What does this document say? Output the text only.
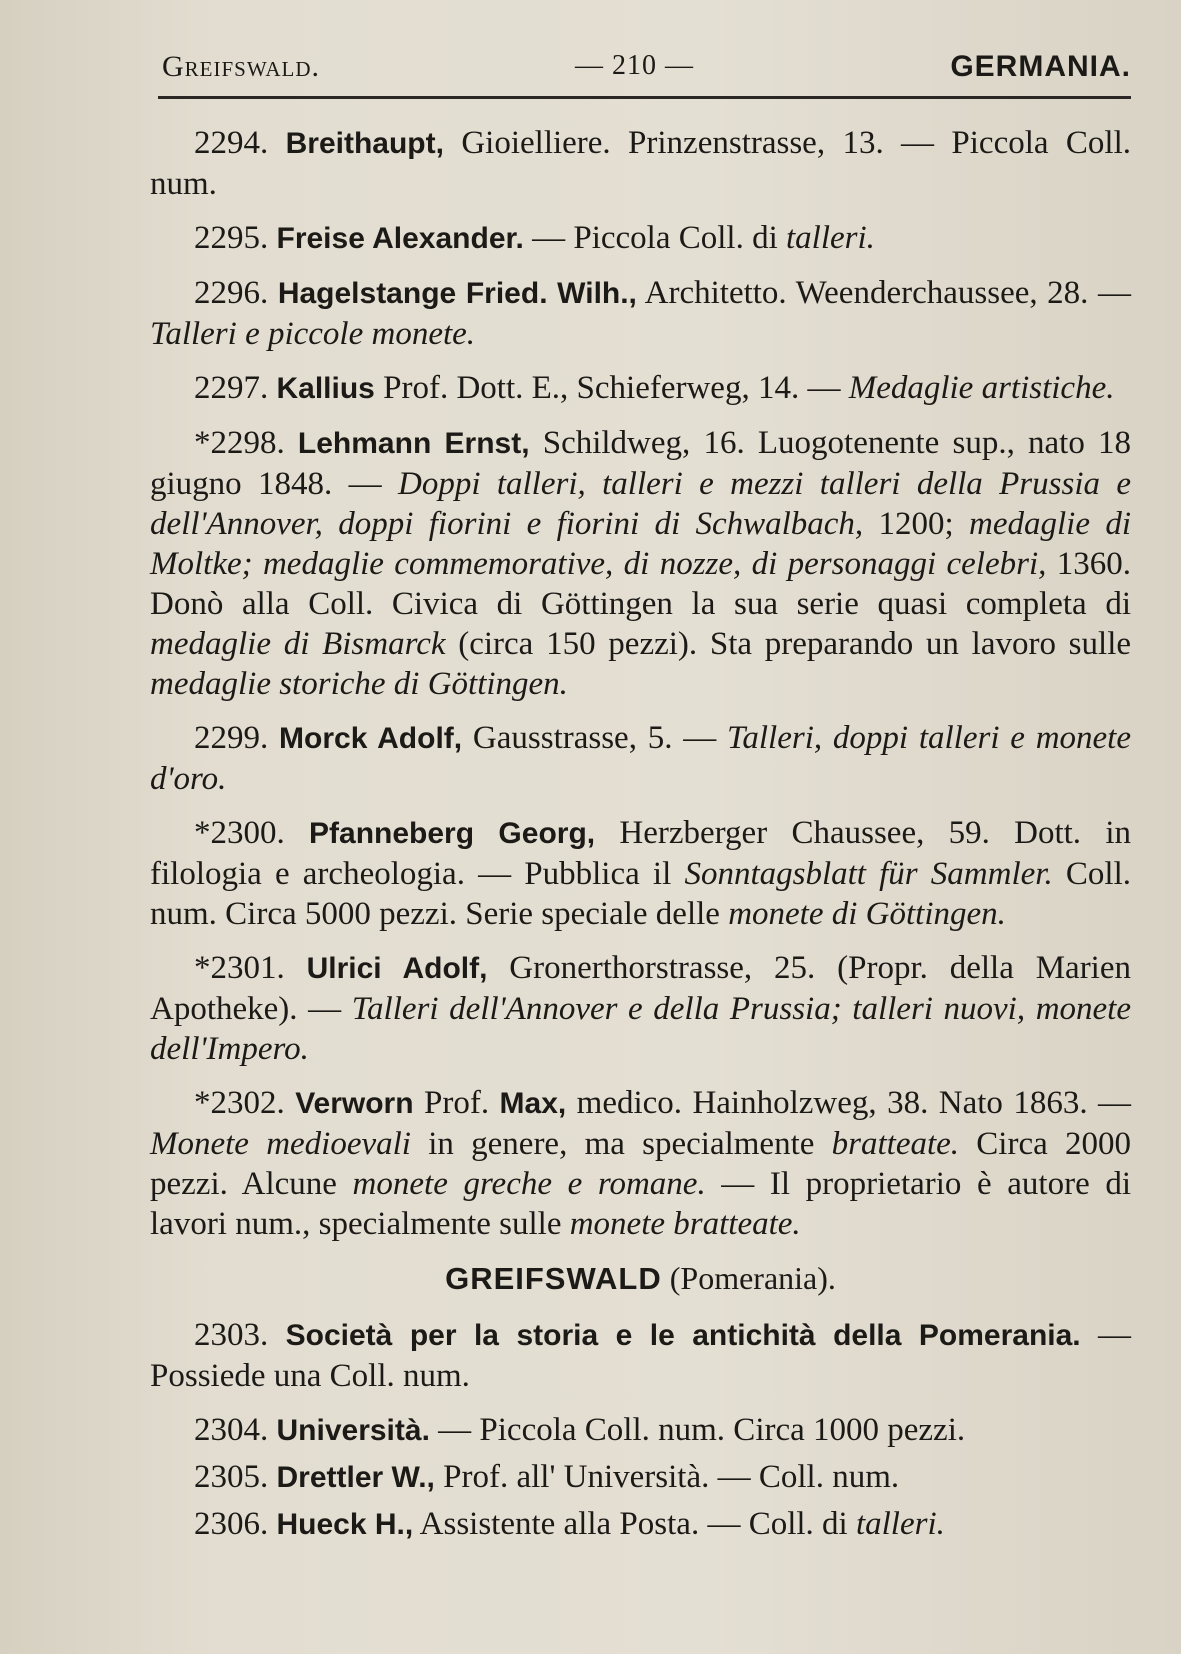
Greifswald.	— 210 —	GERMANIA.

2294. Breithaupt, Gioielliere. Prinzenstrasse, 13. — Piccola Coll. num.

2295. Freise Alexander. — Piccola Coll. di talleri.

2296. Hagelstange Fried. Wilh., Architetto. Weenderchaussee, 28. — Talleri e piccole monete.

2297. Kallius Prof. Dott. E., Schieferweg, 14. — Medaglie artistiche.

*2298. Lehmann Ernst, Schildweg, 16. Luogotenente sup., nato 18 giugno 1848. — Doppi talleri, talleri e mezzi talleri della Prussia e dell'Annover, doppi fiorini e fiorini di Schwalbach, 1200; medaglie di Moltke; medaglie commemorative, di nozze, di personaggi celebri, 1360. Donò alla Coll. Civica di Göttingen la sua serie quasi completa di medaglie di Bismarck (circa 150 pezzi). Sta preparando un lavoro sulle medaglie storiche di Göttingen.

2299. Morck Adolf, Gausstrasse, 5. — Talleri, doppi talleri e monete d'oro.

*2300. Pfanneberg Georg, Herzberger Chaussee, 59. Dott. in filologia e archeologia. — Pubblica il Sonntagsblatt für Sammler. Coll. num. Circa 5000 pezzi. Serie speciale delle monete di Göttingen.

*2301. Ulrici Adolf, Gronerthorstrasse, 25. (Propr. della Marien Apotheke). — Talleri dell'Annover e della Prussia; talleri nuovi, monete dell'Impero.

*2302. Verworn Prof. Max, medico. Hainholzweg, 38. Nato 1863. — Monete medioevali in genere, ma specialmente bratteate. Circa 2000 pezzi. Alcune monete greche e romane. — Il proprietario è autore di lavori num., specialmente sulle monete bratteate.

GREIFSWALD (Pomerania).

2303. Società per la storia e le antichità della Pomerania. — Possiede una Coll. num.

2304. Università. — Piccola Coll. num. Circa 1000 pezzi.

2305. Drettler W., Prof. all' Università. — Coll. num.

2306. Hueck H., Assistente alla Posta. — Coll. di talleri.
